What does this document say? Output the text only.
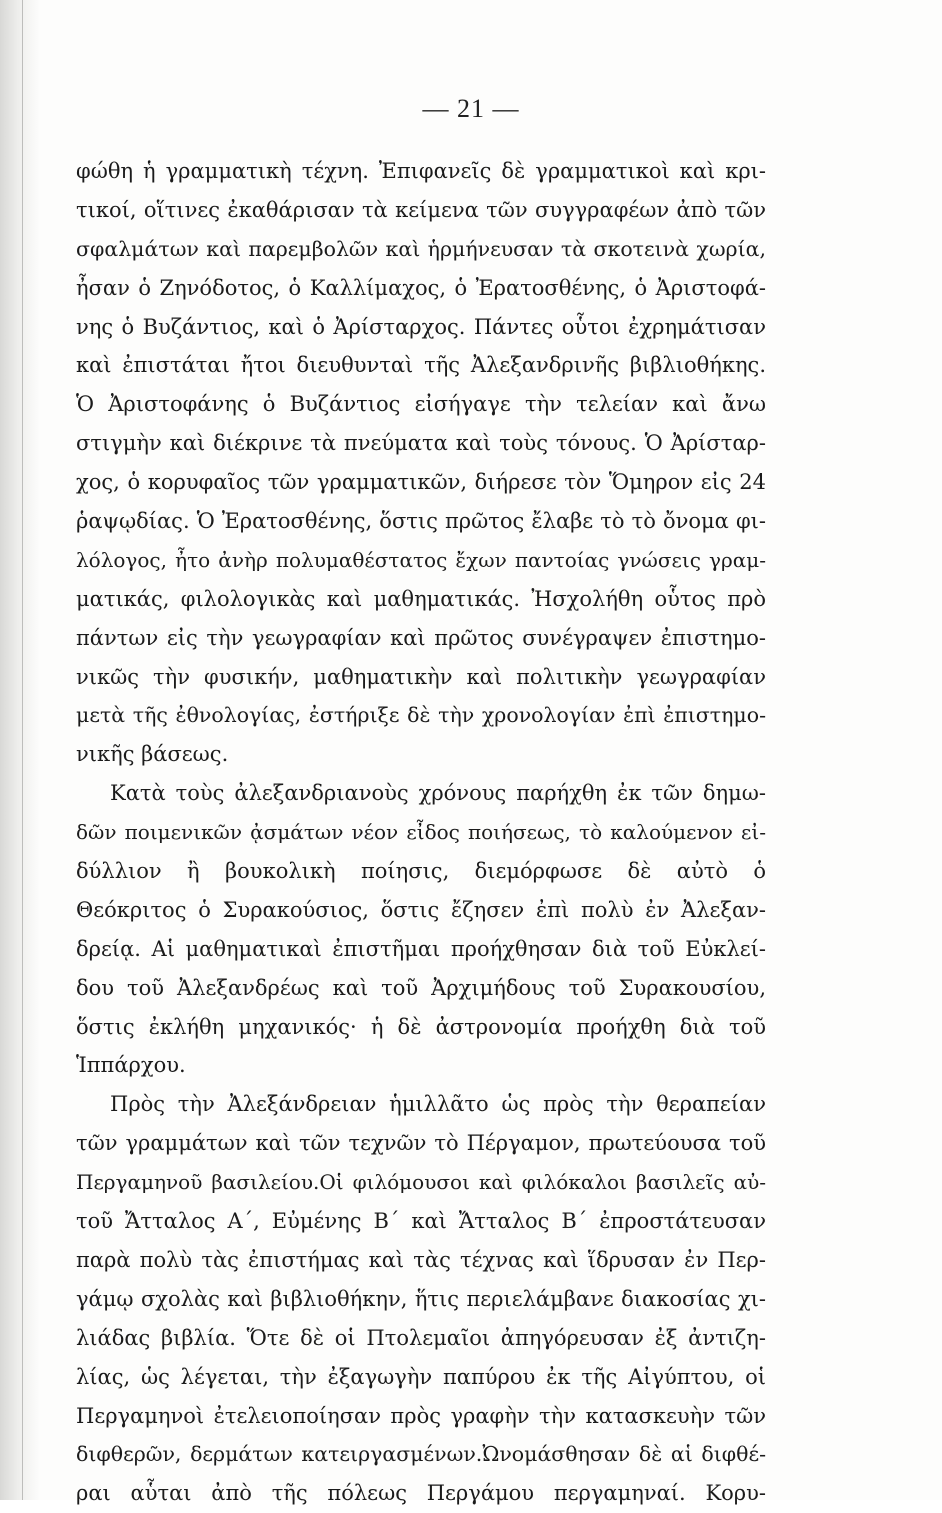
— 21 —
φώθη ἡ γραμματικὴ τέχνη. Ἐπιφανεῖς δὲ γραμματικοὶ καὶ κρι-
τικοί, οἵτινες ἐκαθάρισαν τὰ κείμενα τῶν συγγραφέων ἀπὸ τῶν
σφαλμάτων καὶ παρεμβολῶν καὶ ἡρμήνευσαν τὰ σκοτεινὰ χωρία,
ἦσαν ὁ Ζηνόδοτος, ὁ Καλλίμαχος, ὁ Ἐρατοσθένης, ὁ Ἀριστοφά-
νης ὁ Βυζάντιος, καὶ ὁ Ἀρίσταρχος. Πάντες οὗτοι ἐχρημάτισαν
καὶ ἐπιστάται ἤτοι διευθυνταὶ τῆς Ἀλεξανδρινῆς βιβλιοθήκης.
Ὁ Ἀριστοφάνης ὁ Βυζάντιος εἰσήγαγε τὴν τελείαν καὶ ἄνω
στιγμὴν καὶ διέκρινε τὰ πνεύματα καὶ τοὺς τόνους. Ὁ Ἀρίσταρ-
χος, ὁ κορυφαῖος τῶν γραμματικῶν, διήρεσε τὸν Ὅμηρον εἰς 24
ῥαψῳδίας. Ὁ Ἐρατοσθένης, ὅστις πρῶτος ἔλαβε τὸ τὸ ὄνομα φι-
λόλογος, ἦτο ἀνὴρ πολυμαθέστατος ἔχων παντοίας γνώσεις γραμ-
ματικάς, φιλολογικὰς καὶ μαθηματικάς. Ἠσχολήθη οὗτος πρὸ
πάντων εἰς τὴν γεωγραφίαν καὶ πρῶτος συνέγραψεν ἐπιστημο-
νικῶς τὴν φυσικήν, μαθηματικὴν καὶ πολιτικὴν γεωγραφίαν
μετὰ τῆς ἐθνολογίας, ἐστήριξε δὲ τὴν χρονολογίαν ἐπὶ ἐπιστημο-
νικῆς βάσεως.
Κατὰ τοὺς ἀλεξανδριανοὺς χρόνους παρήχθη ἐκ τῶν δημω-
δῶν ποιμενικῶν ᾀσμάτων νέον εἶδος ποιήσεως, τὸ καλούμενον εἰ-
δύλλιον ἢ βουκολικὴ ποίησις, διεμόρφωσε δὲ αὐτὸ ὁ
Θεόκριτος ὁ Συρακούσιος, ὅστις ἔζησεν ἐπὶ πολὺ ἐν Ἀλεξαν-
δρείᾳ. Αἱ μαθηματικαὶ ἐπιστῆμαι προήχθησαν διὰ τοῦ Εὐκλεί-
δου τοῦ Ἀλεξανδρέως καὶ τοῦ Ἀρχιμήδους τοῦ Συρακουσίου,
ὅστις ἐκλήθη μηχανικός· ἡ δὲ ἀστρονομία προήχθη διὰ τοῦ
Ἱππάρχου.
Πρὸς τὴν Ἀλεξάνδρειαν ἡμιλλᾶτο ὡς πρὸς τὴν θεραπείαν
τῶν γραμμάτων καὶ τῶν τεχνῶν τὸ Πέργαμον, πρωτεύουσα τοῦ
Περγαμηνοῦ βασιλείου.Οἱ φιλόμουσοι καὶ φιλόκαλοι βασιλεῖς αὐ-
τοῦ Ἄτταλος Α΄, Εὐμένης Β΄ καὶ Ἄτταλος Β΄ ἐπροστάτευσαν
παρὰ πολὺ τὰς ἐπιστήμας καὶ τὰς τέχνας καὶ ἵδρυσαν ἐν Περ-
γάμῳ σχολὰς καὶ βιβλιοθήκην, ἥτις περιελάμβανε διακοσίας χι-
λιάδας βιβλία. Ὅτε δὲ οἱ Πτολεμαῖοι ἀπηγόρευσαν ἐξ ἀντιζη-
λίας, ὡς λέγεται, τὴν ἐξαγωγὴν παπύρου ἐκ τῆς Αἰγύπτου, οἱ
Περγαμηνοὶ ἐτελειοποίησαν πρὸς γραφὴν τὴν κατασκευὴν τῶν
διφθερῶν, δερμάτων κατειργασμένων.Ὠνομάσθησαν δὲ αἱ διφθέ-
ραι αὗται ἀπὸ τῆς πόλεως Περγάμου περγαμηναί. Κορυ-
